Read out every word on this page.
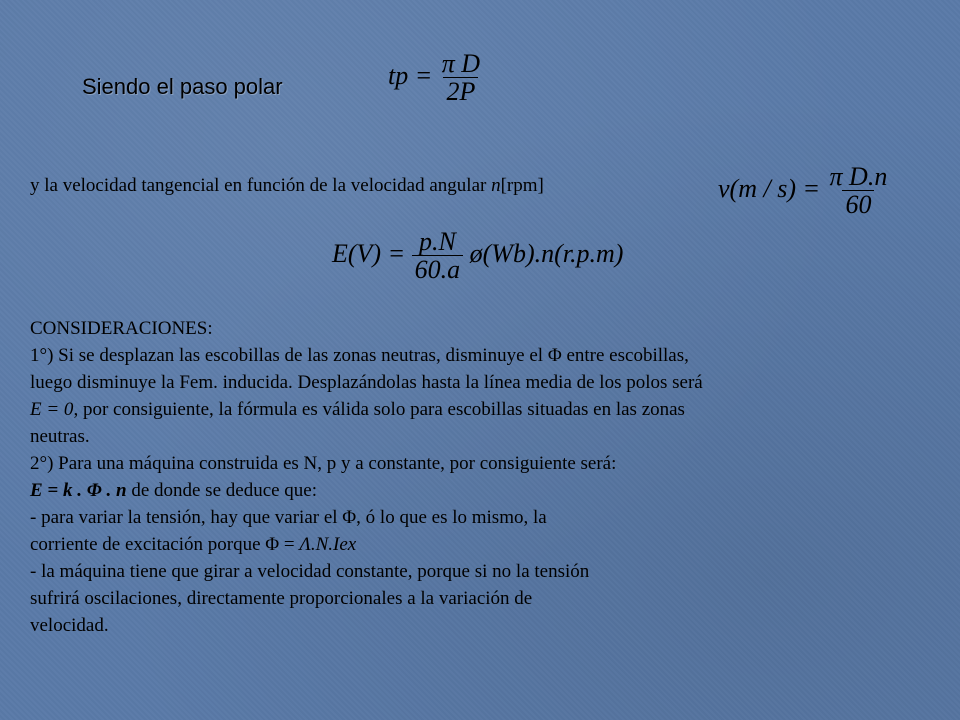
Siendo el paso polar	tp = $\frac{\text{π D}}{2P}$
y la velocidad tangencial en función de la velocidad angular n[rpm]	$v(m / s) = \frac{\text{π D.n}}{60}$
$E(V) = \frac{p.N}{60.a}$ ø(Wb).n(r.p.m)
CONSIDERACIONES:
1°) Si se desplazan las escobillas de las zonas neutras, disminuye el Φ entre escobillas,
luego disminuye la Fem. inducida. Desplazándolas hasta la línea media de los polos será
E = 0, por consiguiente, la fórmula es válida solo para escobillas situadas en las zonas
neutras.
2°) Para una máquina construida es N, p y a constante, por consiguiente será:
E = k . Φ . n de donde se deduce que:
- para variar la tensión, hay que variar el Φ, ó lo que es lo mismo, la
corriente de excitación porque Φ = Λ.N.Iex
- la máquina tiene que girar a velocidad constante, porque si no la tensión
sufrirá oscilaciones, directamente proporcionales a la variación de
velocidad.
